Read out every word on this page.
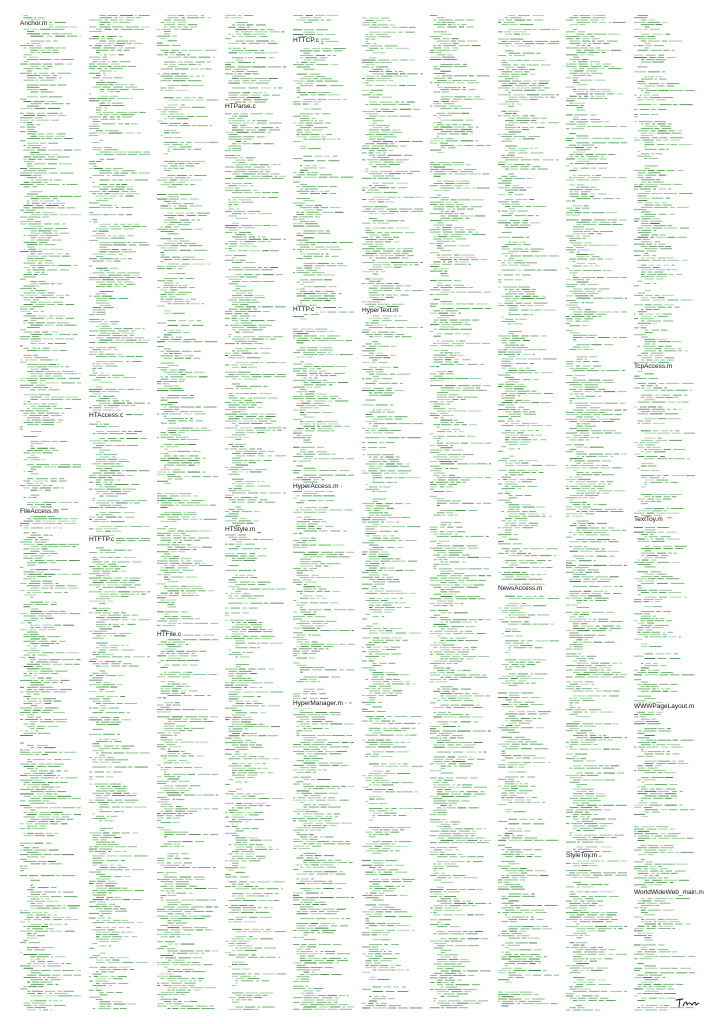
Anchor.m
FileAccess.m
HTAccess.c
HTFTP.c
HTParse.c
HTFile.c
HTStyle.m
HTTCP.c
HTTP.c
HyperAccess.m
HyperManager.m
HyperText.m
NewsAccess.m
StyleToy.m
TcpAccess.m
TextToy.m
WWWPageLayout.m
WorldWideWeb_main.m
